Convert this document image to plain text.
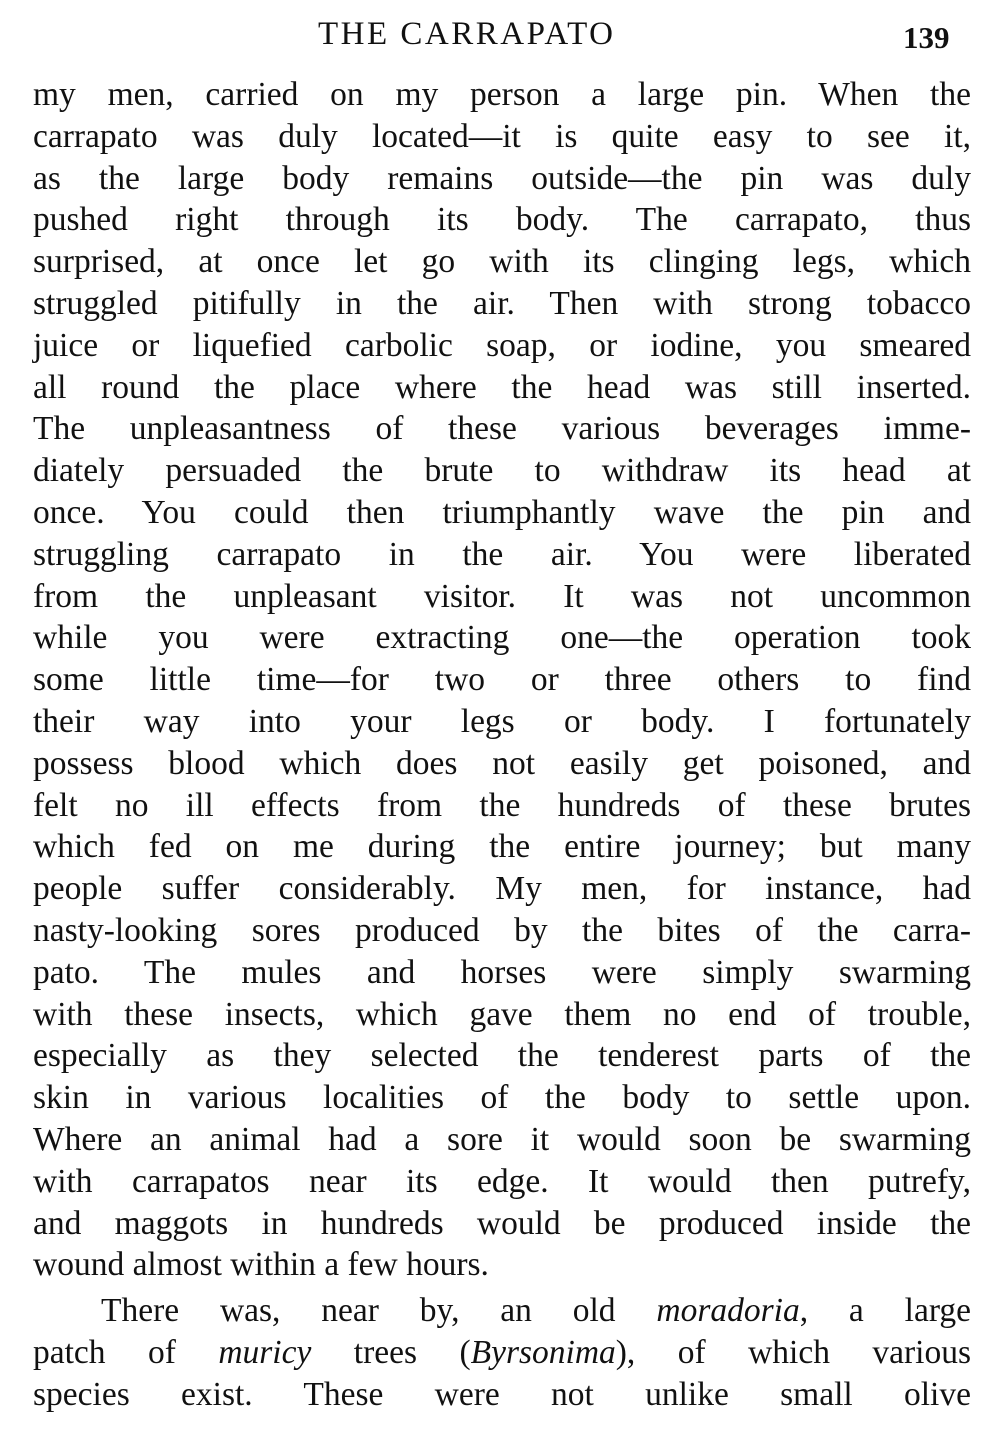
THE CARRAPATO	139
my men, carried on my person a large pin. When the
carrapato was duly located—it is quite easy to see it,
as the large body remains outside—the pin was duly
pushed right through its body. The carrapato, thus
surprised, at once let go with its clinging legs, which
struggled pitifully in the air. Then with strong tobacco
juice or liquefied carbolic soap, or iodine, you smeared
all round the place where the head was still inserted.
The unpleasantness of these various beverages imme-
diately persuaded the brute to withdraw its head at
once. You could then triumphantly wave the pin and
struggling carrapato in the air. You were liberated
from the unpleasant visitor. It was not uncommon
while you were extracting one—the operation took
some little time—for two or three others to find
their way into your legs or body. I fortunately
possess blood which does not easily get poisoned, and
felt no ill effects from the hundreds of these brutes
which fed on me during the entire journey; but many
people suffer considerably. My men, for instance, had
nasty-looking sores produced by the bites of the carra-
pato. The mules and horses were simply swarming
with these insects, which gave them no end of trouble,
especially as they selected the tenderest parts of the
skin in various localities of the body to settle upon.
Where an animal had a sore it would soon be swarming
with carrapatos near its edge. It would then putrefy,
and maggots in hundreds would be produced inside the
wound almost within a few hours.
There was, near by, an old moradoria, a large
patch of muricy trees (Byrsonima), of which various
species exist. These were not unlike small olive
